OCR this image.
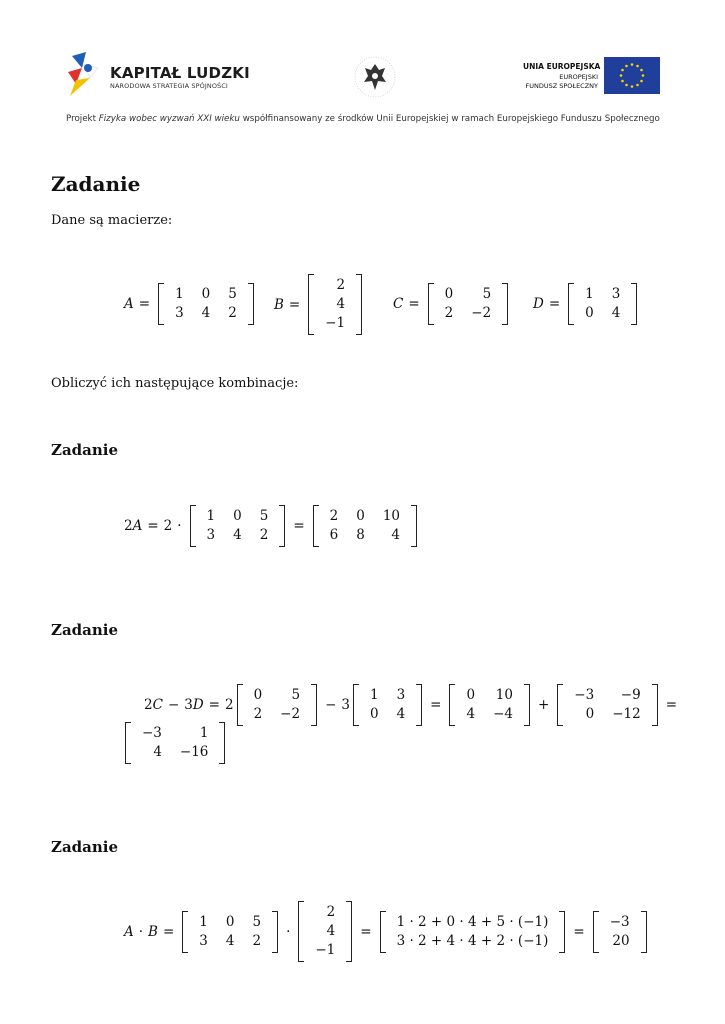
KAPITAŁ LUDZKI
NARODOWA STRATEGIA SPÓJNOŚCI
UNIA EUROPEJSKA
EUROPEJSKI
FUNDUSZ SPOŁECZNY
Projekt Fizyka wobec wyzwań XXI wieku współfinansowany ze środków Unii Europejskiej w ramach Europejskiego Funduszu Społecznego
Zadanie

Dane są macierze:

A =
1	0	5
3	4	2
B =
2
4
−1
C =
0	5
2	−2
D =
1	3
0	4

Obliczyć ich następujące kombinacje:

Zadanie
2 A = 2 ·
1	0	5
3	4	2
=
2	0	10
6	8	4
Zadanie
2 C − 3 D = 2
0	5
2	−2
− 3
1	3
0	4
=
0	10
4	−4
+
−3	−9
0	−12
=
−3	1
4	−16
Zadanie
A · B =
1	0	5
3	4	2
·
2
4
−1
=
1 · 2 + 0 · 4 + 5 · (−1)
3 · 2 + 4 · 4 + 2 · (−1)
=
−3
20
